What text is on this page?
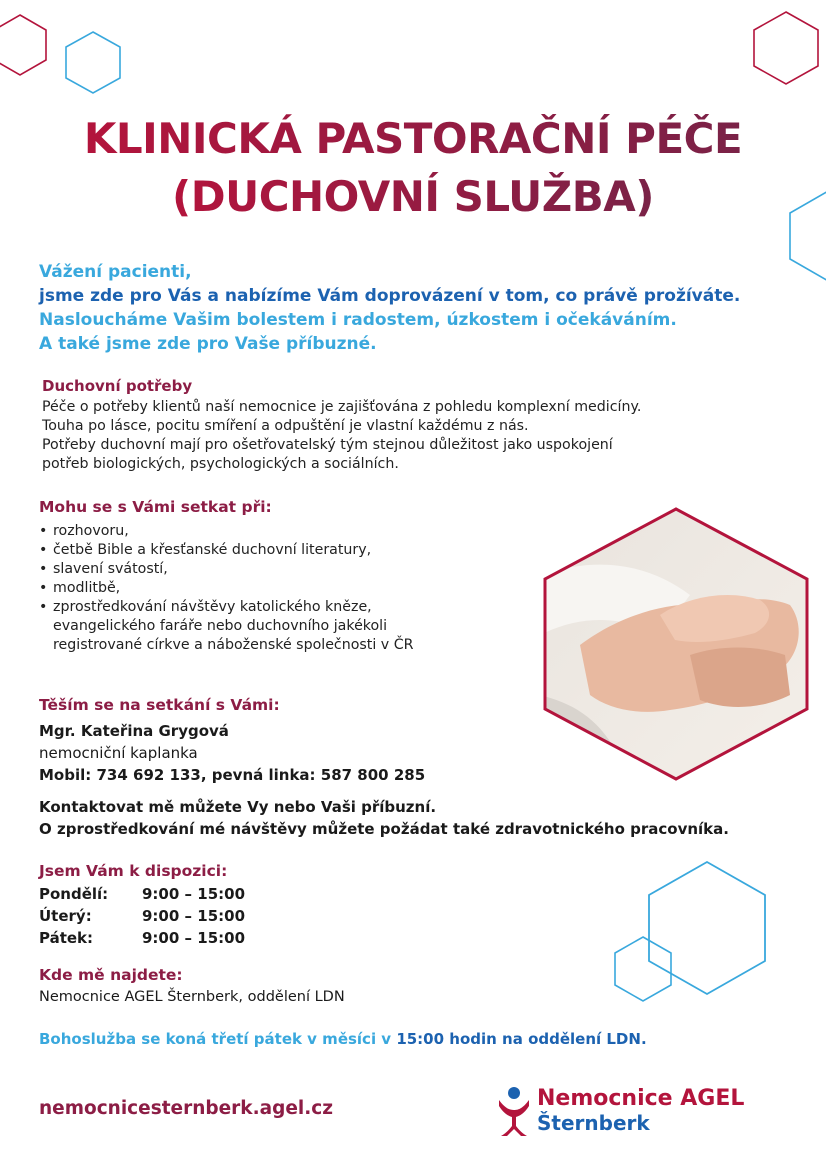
KLINICKÁ PASTORAČNÍ PÉČE
(DUCHOVNÍ SLUŽBA)
Vážení pacienti,
jsme zde pro Vás a nabízíme Vám doprovázení v tom, co právě prožíváte.
Nasloucháme Vašim bolestem i radostem, úzkostem i očekáváním.
A také jsme zde pro Vaše příbuzné.
Duchovní potřeby
Péče o potřeby klientů naší nemocnice je zajišťována z pohledu komplexní medicíny.
Touha po lásce, pocitu smíření a odpuštění je vlastní každému z nás.
Potřeby duchovní mají pro ošetřovatelský tým stejnou důležitost jako uspokojení
potřeb biologických, psychologických a sociálních.
Mohu se s Vámi setkat při:
• rozhovoru,
• četbě Bible a křesťanské duchovní literatury,
• slavení svátostí,
• modlitbě,
• zprostředkování návštěvy katolického kněze,
evangelického faráře nebo duchovního jakékoli
registrované církve a náboženské společnosti v ČR
Těším se na setkání s Vámi:
Mgr. Kateřina Grygová
nemocniční kaplanka
Mobil: 734 692 133, pevná linka: 587 800 285
Kontaktovat mě můžete Vy nebo Vaši příbuzní.
O zprostředkování mé návštěvy můžete požádat také zdravotnického pracovníka.
Jsem Vám k dispozici:
Pondělí:	9:00 – 15:00
Úterý:	9:00 – 15:00
Pátek:	9:00 – 15:00
Kde mě najdete:
Nemocnice AGEL Šternberk, oddělení LDN
Bohoslužba se koná třetí pátek v měsíci v 15:00 hodin na oddělení LDN.
nemocnicesternberk.agel.cz	Nemocnice AGEL
Šternberk
